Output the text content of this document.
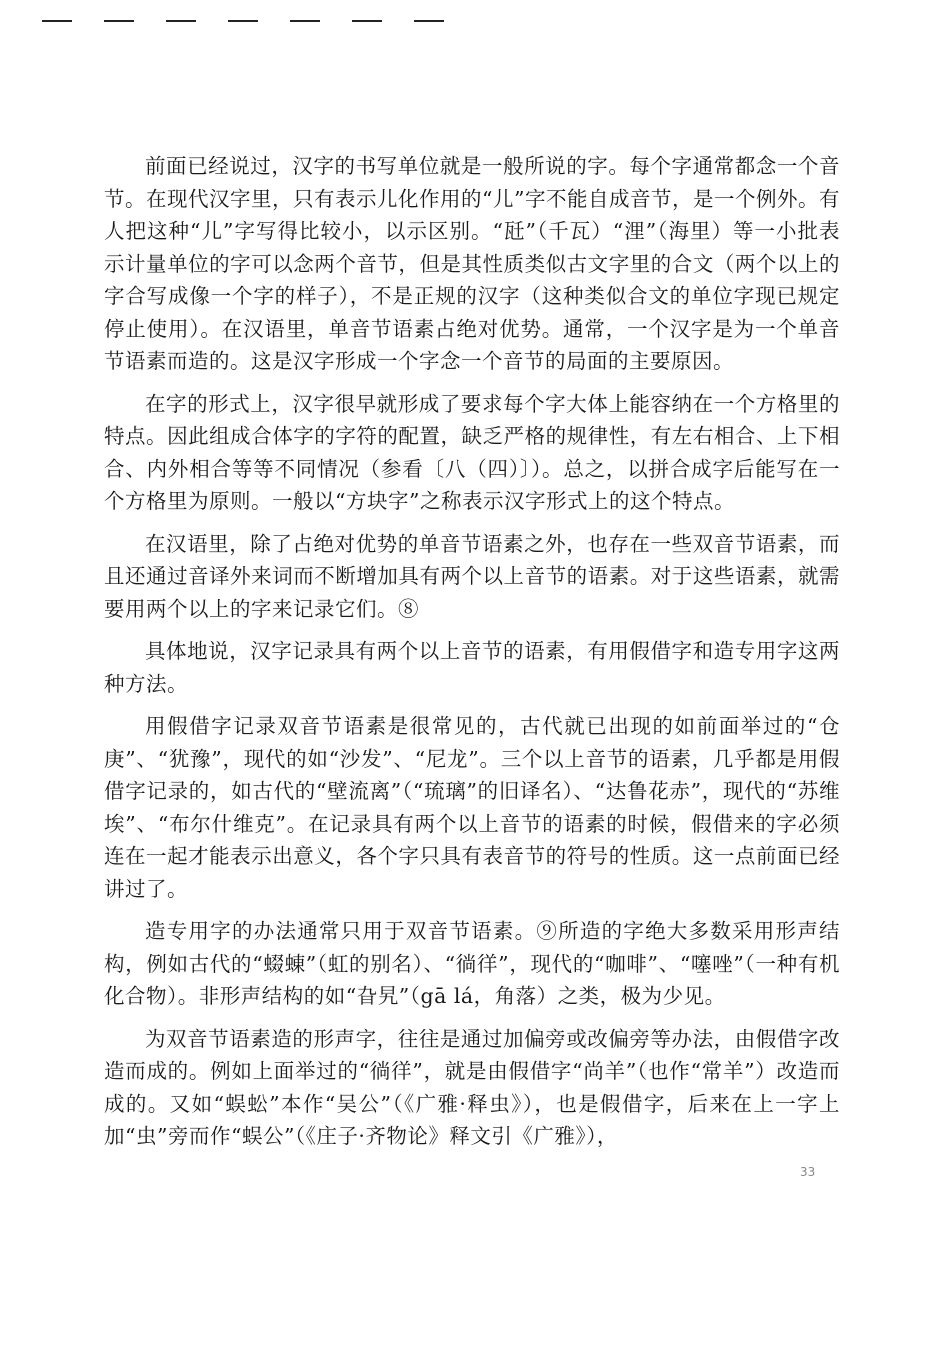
前面已经说过，汉字的书写单位就是一般所说的字。每个字通常都念一个音节。在现代汉字里，只有表示儿化作用的“儿”字不能自成音节，是一个例外。有人把这种“儿”字写得比较小，以示区别。“瓩”（千瓦）“浬”（海里）等一小批表示计量单位的字可以念两个音节，但是其性质类似古文字里的合文（两个以上的字合写成像一个字的样子），不是正规的汉字（这种类似合文的单位字现已规定停止使用）。在汉语里，单音节语素占绝对优势。通常，一个汉字是为一个单音节语素而造的。这是汉字形成一个字念一个音节的局面的主要原因。

在字的形式上，汉字很早就形成了要求每个字大体上能容纳在一个方格里的特点。因此组成合体字的字符的配置，缺乏严格的规律性，有左右相合、上下相合、内外相合等等不同情况（参看〔八（四）〕）。总之，以拼合成字后能写在一个方格里为原则。一般以“方块字”之称表示汉字形式上的这个特点。

在汉语里，除了占绝对优势的单音节语素之外，也存在一些双音节语素，而且还通过音译外来词而不断增加具有两个以上音节的语素。对于这些语素，就需要用两个以上的字来记录它们。⑧

具体地说，汉字记录具有两个以上音节的语素，有用假借字和造专用字这两种方法。

用假借字记录双音节语素是很常见的，古代就已出现的如前面举过的“仓庚”、“犹豫”，现代的如“沙发”、“尼龙”。三个以上音节的语素，几乎都是用假借字记录的，如古代的“壁流离”（“琉璃”的旧译名）、“达鲁花赤”，现代的“苏维埃”、“布尔什维克”。在记录具有两个以上音节的语素的时候，假借来的字必须连在一起才能表示出意义，各个字只具有表音节的符号的性质。这一点前面已经讲过了。

造专用字的办法通常只用于双音节语素。⑨所造的字绝大多数采用形声结构，例如古代的“蝃蝀”（虹的别名）、“徜徉”，现代的“咖啡”、“噻唑”（一种有机化合物）。非形声结构的如“旮旯”（gā lá，角落）之类，极为少见。

为双音节语素造的形声字，往往是通过加偏旁或改偏旁等办法，由假借字改造而成的。例如上面举过的“徜徉”，就是由假借字“尚羊”（也作“常羊”）改造而成的。又如“蜈蚣”本作“吴公”（《广雅·释虫》），也是假借字，后来在上一字上加“虫”旁而作“蜈公”（《庄子·齐物论》释文引《广雅》），

33
